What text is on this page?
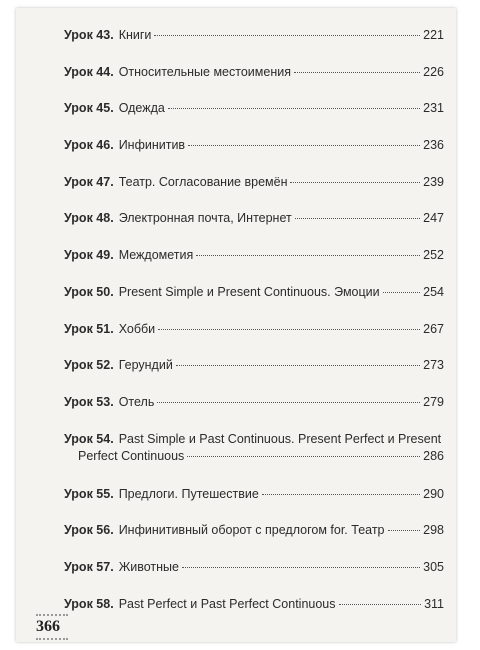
Урок 43. Книги	221
Урок 44. Относительные местоимения	226
Урок 45. Одежда	231
Урок 46. Инфинитив	236
Урок 47. Театр. Согласование времён	239
Урок 48. Электронная почта, Интернет	247
Урок 49. Междометия	252
Урок 50. Present Simple и Present Continuous. Эмоции	254
Урок 51. Хобби	267
Урок 52. Герундий	273
Урок 53. Отель	279
Урок 54. Past Simple и Past Continuous. Present Perfect и Present
Perfect Continuous	286
Урок 55. Предлоги. Путешествие	290
Урок 56. Инфинитивный оборот с предлогом for. Театр	298
Урок 57. Животные	305
Урок 58. Past Perfect и Past Perfect Continuous	311
366
